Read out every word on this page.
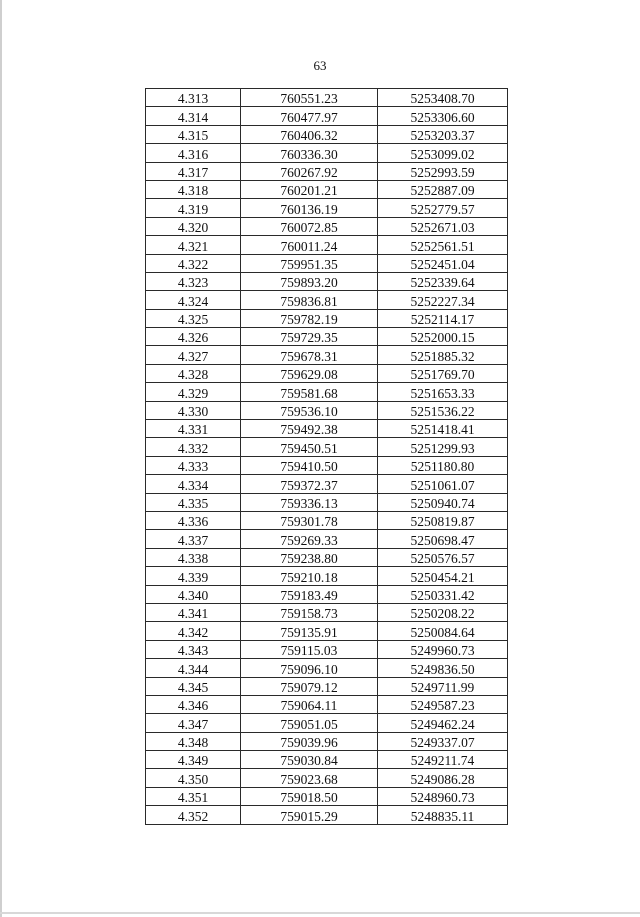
63
4.313	760551.23	5253408.70
4.314	760477.97	5253306.60
4.315	760406.32	5253203.37
4.316	760336.30	5253099.02
4.317	760267.92	5252993.59
4.318	760201.21	5252887.09
4.319	760136.19	5252779.57
4.320	760072.85	5252671.03
4.321	760011.24	5252561.51
4.322	759951.35	5252451.04
4.323	759893.20	5252339.64
4.324	759836.81	5252227.34
4.325	759782.19	5252114.17
4.326	759729.35	5252000.15
4.327	759678.31	5251885.32
4.328	759629.08	5251769.70
4.329	759581.68	5251653.33
4.330	759536.10	5251536.22
4.331	759492.38	5251418.41
4.332	759450.51	5251299.93
4.333	759410.50	5251180.80
4.334	759372.37	5251061.07
4.335	759336.13	5250940.74
4.336	759301.78	5250819.87
4.337	759269.33	5250698.47
4.338	759238.80	5250576.57
4.339	759210.18	5250454.21
4.340	759183.49	5250331.42
4.341	759158.73	5250208.22
4.342	759135.91	5250084.64
4.343	759115.03	5249960.73
4.344	759096.10	5249836.50
4.345	759079.12	5249711.99
4.346	759064.11	5249587.23
4.347	759051.05	5249462.24
4.348	759039.96	5249337.07
4.349	759030.84	5249211.74
4.350	759023.68	5249086.28
4.351	759018.50	5248960.73
4.352	759015.29	5248835.11
